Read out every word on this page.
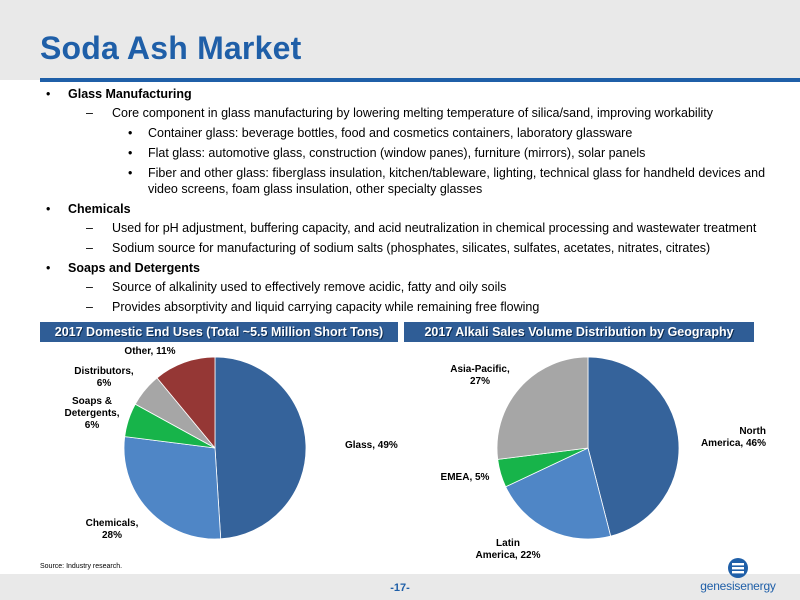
Soda Ash Market
• Glass Manufacturing
– Core component in glass manufacturing by lowering melting temperature of silica/sand, improving workability
• Container glass: beverage bottles, food and cosmetics containers, laboratory glassware
• Flat glass: automotive glass, construction (window panes), furniture (mirrors), solar panels
• Fiber and other glass: fiberglass insulation, kitchen/tableware, lighting, technical glass for handheld devices and video screens, foam glass insulation, other specialty glasses
• Chemicals
– Used for pH adjustment, buffering capacity, and acid neutralization in chemical processing and wastewater treatment
– Sodium source for manufacturing of sodium salts (phosphates, silicates, sulfates, acetates, nitrates, citrates)
• Soaps and Detergents
– Source of alkalinity used to effectively remove acidic, fatty and oily soils
– Provides absorptivity and liquid carrying capacity while remaining free flowing
2017 Domestic End Uses (Total ~5.5 Million Short Tons)	2017 Alkali Sales Volume Distribution by Geography
Glass, 49%
Chemicals,
28%
Soaps &
Detergents,
6%
Distributors,
6%
Other, 11%
North
America, 46%
Latin
America, 22%
EMEA, 5%
Asia-Pacific,
27%
Source: Industry research.
-17-	genesisenergy
